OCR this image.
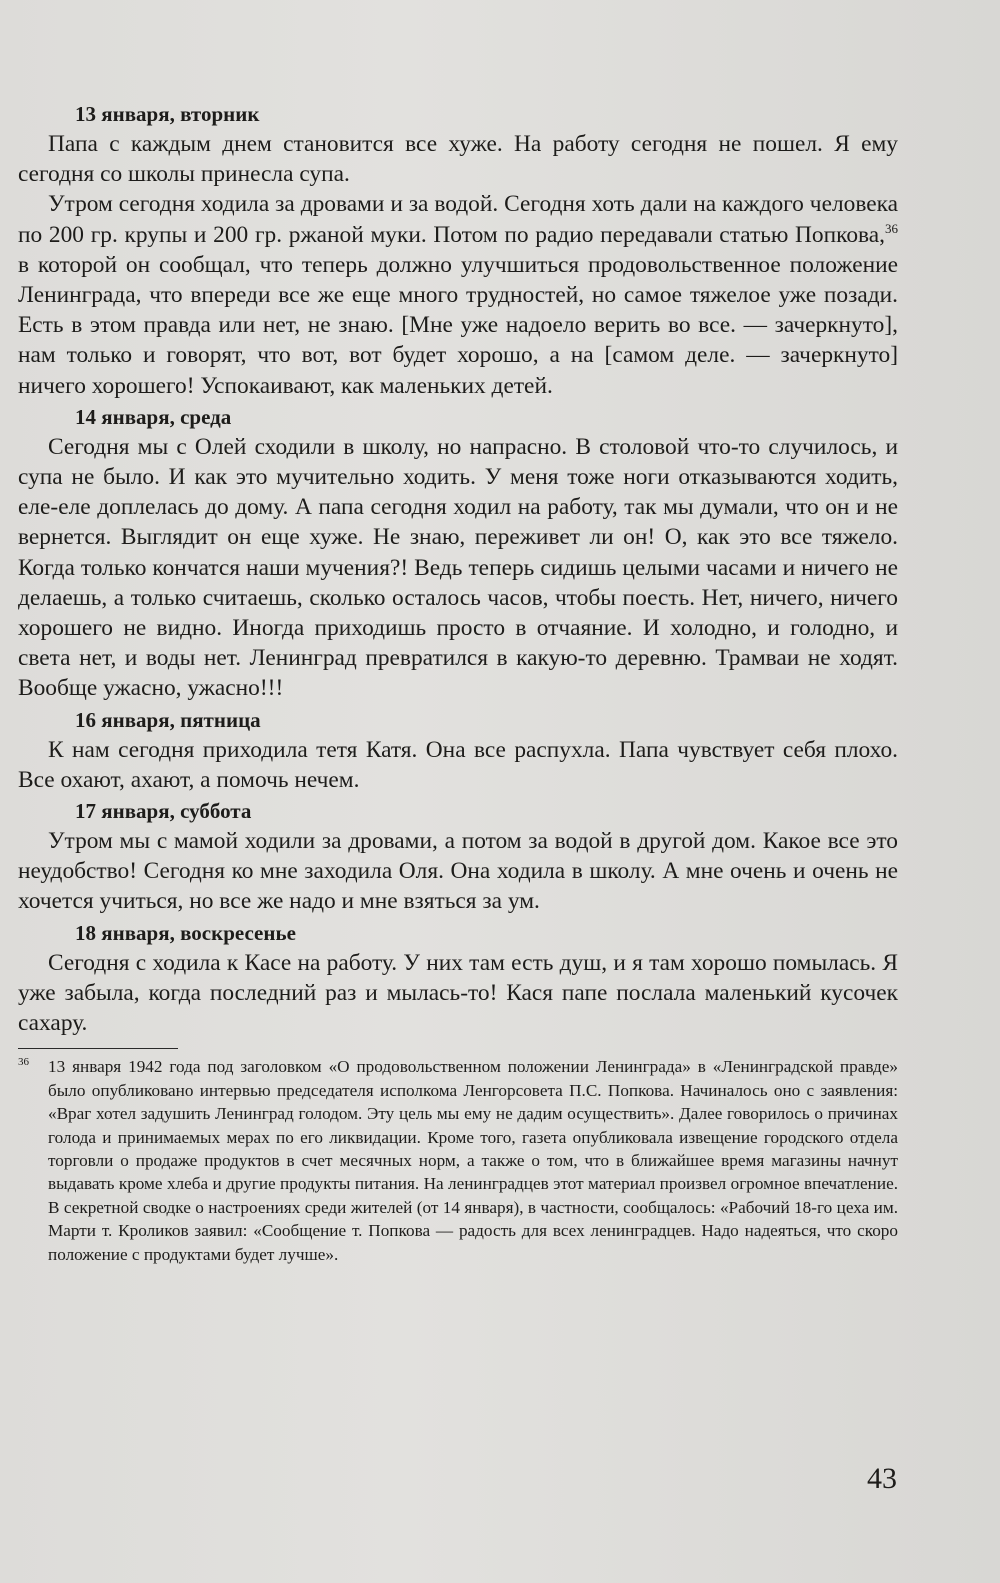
13 января, вторник

Папа с каждым днем становится все хуже. На работу сегодня не пошел. Я ему сегодня со школы принесла супа.

Утром сегодня ходила за дровами и за водой. Сегодня хоть дали на каждого человека по 200 гр. крупы и 200 гр. ржаной муки. Потом по радио передавали статью Попкова,$^{36}$ в которой он сообщал, что теперь должно улучшиться продовольственное положение Ленинграда, что впереди все же еще много трудностей, но самое тяжелое уже позади. Есть в этом правда или нет, не знаю. [Мне уже надоело верить во все. — зачеркнуто], нам только и говорят, что вот, вот будет хорошо, а на [самом деле. — зачеркнуто] ничего хорошего! Успокаивают, как маленьких детей.

14 января, среда

Сегодня мы с Олей сходили в школу, но напрасно. В столовой что-то случилось, и супа не было. И как это мучительно ходить. У меня тоже ноги отказываются ходить, еле-еле доплелась до дому. А папа сегодня ходил на работу, так мы думали, что он и не вернется. Выглядит он еще хуже. Не знаю, переживет ли он! О, как это все тяжело. Когда только кончатся наши мучения?! Ведь теперь сидишь целыми часами и ничего не делаешь, а только считаешь, сколько осталось часов, чтобы поесть. Нет, ничего, ничего хорошего не видно. Иногда приходишь просто в отчаяние. И холодно, и голодно, и света нет, и воды нет. Ленинград превратился в какую-то деревню. Трамваи не ходят. Вообще ужасно, ужасно!!!

16 января, пятница

К нам сегодня приходила тетя Катя. Она все распухла. Папа чувствует себя плохо. Все охают, ахают, а помочь нечем.

17 января, суббота

Утром мы с мамой ходили за дровами, а потом за водой в другой дом. Какое все это неудобство! Сегодня ко мне заходила Оля. Она ходила в школу. А мне очень и очень не хочется учиться, но все же надо и мне взяться за ум.

18 января, воскресенье

Сегодня с ходила к Касе на работу. У них там есть душ, и я там хорошо помылась. Я уже забыла, когда последний раз и мылась-то! Кася папе послала маленький кусочек сахару.

36 13 января 1942 года под заголовком «О продовольственном положении Ленинграда» в «Ленинградской правде» было опубликовано интервью председателя исполкома Ленгорсовета П.С. Попкова. Начиналось оно с заявления: «Враг хотел задушить Ленинград голодом. Эту цель мы ему не дадим осуществить». Далее говорилось о причинах голода и принимаемых мерах по его ликвидации. Кроме того, газета опубликовала извещение городского отдела торговли о продаже продуктов в счет месячных норм, а также о том, что в ближайшее время магазины начнут выдавать кроме хлеба и другие продукты питания. На ленинградцев этот материал произвел огромное впечатление. В секретной сводке о настроениях среди жителей (от 14 января), в частности, сообщалось: «Рабочий 18-го цеха им. Марти т. Кроликов заявил: «Сообщение т. Попкова — радость для всех ленинградцев. Надо надеяться, что скоро положение с продуктами будет лучше».
43
